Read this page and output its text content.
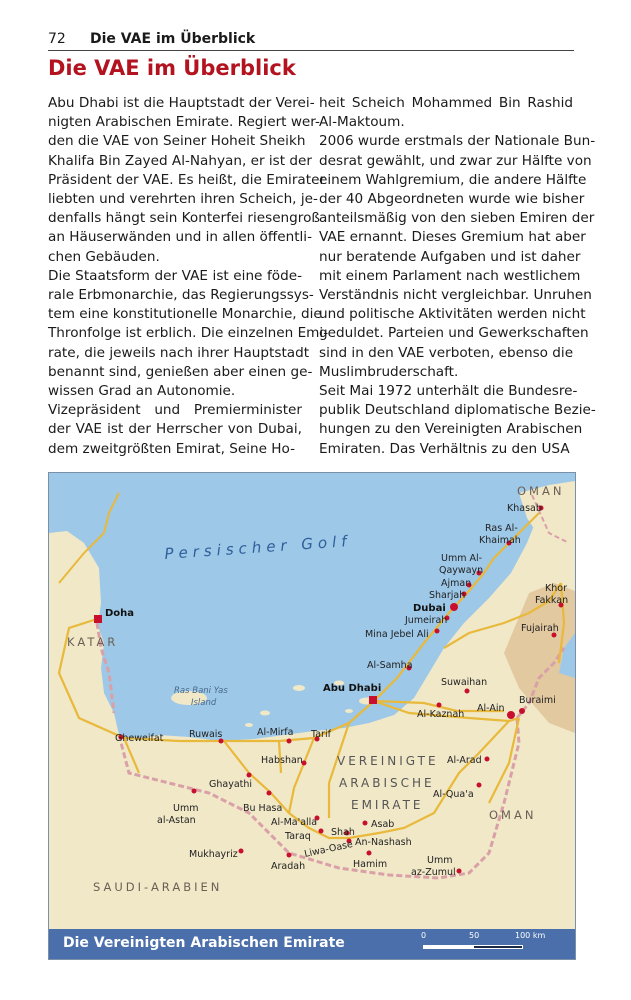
72 Die VAE im Überblick
Die VAE im Überblick

Abu Dhabi ist die Hauptstadt der Verei-
nigten Arabischen Emirate. Regiert wer-
den die VAE von Seiner Hoheit Sheikh
Khalifa Bin Zayed Al-Nahyan, er ist der
Präsident der VAE. Es heißt, die Emirater
liebten und verehrten ihren Scheich, je-
denfalls hängt sein Konterfei riesengroß
an Häuserwänden und in allen öffentli-
chen Gebäuden.

Die Staatsform der VAE ist eine föde-
rale Erbmonarchie, das Regierungssys-
tem eine konstitutionelle Monarchie, die
Thronfolge ist erblich. Die einzelnen Emi-
rate, die jeweils nach ihrer Hauptstadt
benannt sind, genießen aber einen ge-
wissen Grad an Autonomie.

Vizepräsident und Premierminister
der VAE ist der Herrscher von Dubai,
dem zweitgrößten Emirat, Seine Ho-

heit Scheich Mohammed Bin Rashid
Al-Maktoum.

2006 wurde erstmals der Nationale Bun-
desrat gewählt, und zwar zur Hälfte von
einem Wahlgremium, die andere Hälfte
der 40 Abgeordneten wurde wie bisher
anteilsmäßig von den sieben Emiren der
VAE ernannt. Dieses Gremium hat aber
nur beratende Aufgaben und ist daher
mit einem Parlament nach westlichem
Verständnis nicht vergleichbar. Unruhen
und politische Aktivitäten werden nicht
geduldet. Parteien und Gewerkschaften
sind in den VAE verboten, ebenso die
Muslimbruderschaft.

Seit Mai 1972 unterhält die Bundesre-
publik Deutschland diplomatische Bezie-
hungen zu den Vereinigten Arabischen
Emiraten. Das Verhältnis zu den USA

Persischer Golf
Ras Bani Yas
Island
KATAR
SAUDI-ARABIEN
OMAN
OMAN
VEREINIGTE
ARABISCHE
EMIRATE
Khasab
Ras Al-
Khaimah
Umm Al-
Qaywayn
Ajman
Sharjah
Dubai
Jumeirah
Mina Jebel Ali
Khor
Fakkan
Fujairah
Doha
Al-Samha
Abu Dhabi
Suwaihan
Buraimi
Al-Kaznah
Al-Ain
Gheweifat	Ruwais	Al-Mirfa Tarif
Habshan
Ghayathi
Umm
al-Astan
Bu Hasa
Al-Ma'alla
Taraq Shah
Asab
An-Nashash
Mukhayriz
Aradah
Liwa-Oase
Hamim	Umm
az-Zumul
Al-Arad
Al-Qua'a
Die Vereinigten Arabischen Emirate	0	50	100 km
